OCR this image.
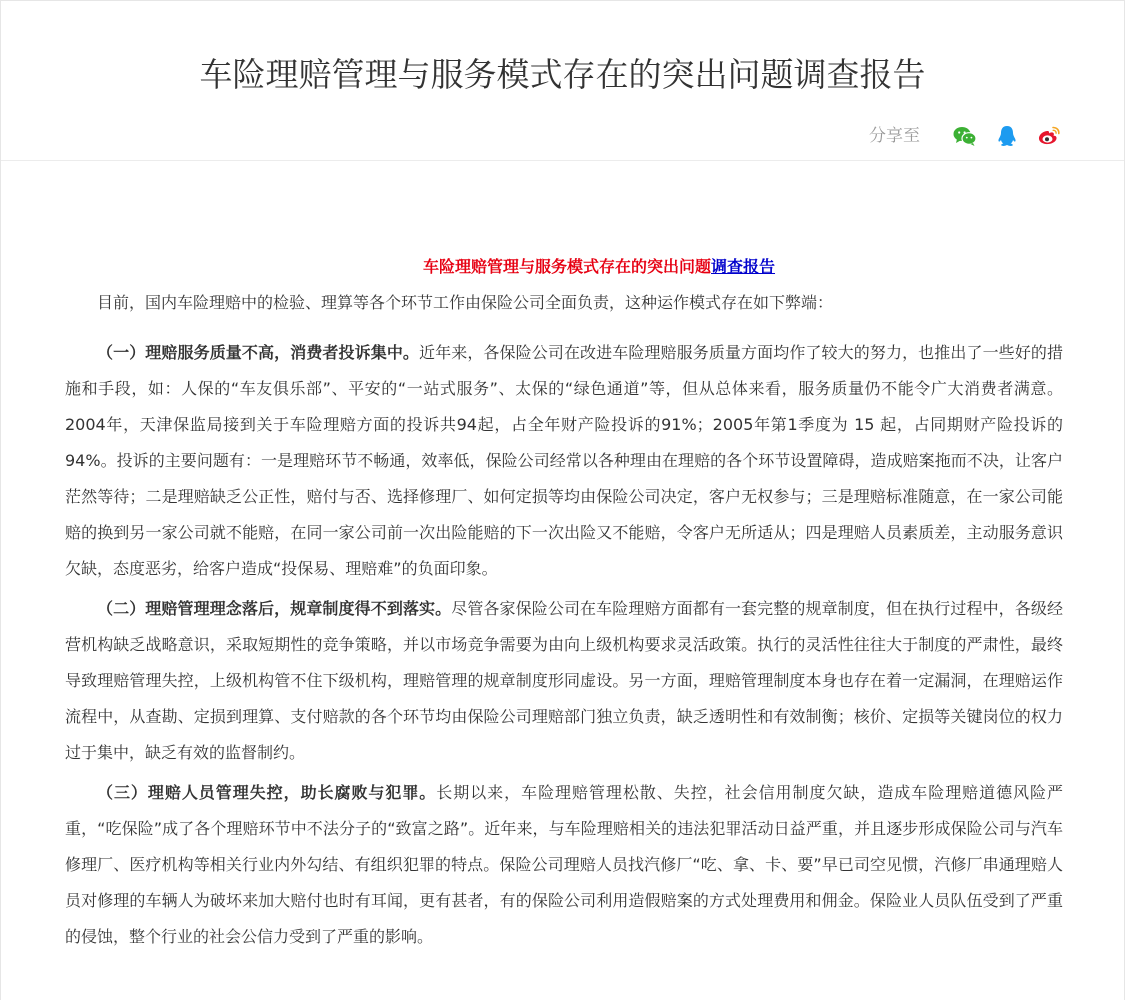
车险理赔管理与服务模式存在的突出问题调查报告
分享至

车险理赔管理与服务模式存在的突出问题调查报告

目前，国内车险理赔中的检验、理算等各个环节工作由保险公司全面负责，这种运作模式存在如下弊端：

（一）理赔服务质量不高，消费者投诉集中。近年来，各保险公司在改进车险理赔服务质量方面均作了较大的努力，也推出了一些好的措施和手段，如：人保的“车友俱乐部”、平安的“一站式服务”、太保的“绿色通道”等，但从总体来看，服务质量仍不能令广大消费者满意。2004年，天津保监局接到关于车险理赔方面的投诉共94起，占全年财产险投诉的91%；2005年第1季度为 15 起，占同期财产险投诉的94%。投诉的主要问题有：一是理赔环节不畅通，效率低，保险公司经常以各种理由在理赔的各个环节设置障碍，造成赔案拖而不决，让客户茫然等待；二是理赔缺乏公正性，赔付与否、选择修理厂、如何定损等均由保险公司决定，客户无权参与；三是理赔标准随意，在一家公司能赔的换到另一家公司就不能赔，在同一家公司前一次出险能赔的下一次出险又不能赔，令客户无所适从；四是理赔人员素质差，主动服务意识欠缺，态度恶劣，给客户造成“投保易、理赔难”的负面印象。

（二）理赔管理理念落后，规章制度得不到落实。尽管各家保险公司在车险理赔方面都有一套完整的规章制度，但在执行过程中，各级经营机构缺乏战略意识，采取短期性的竞争策略，并以市场竞争需要为由向上级机构要求灵活政策。执行的灵活性往往大于制度的严肃性，最终导致理赔管理失控，上级机构管不住下级机构，理赔管理的规章制度形同虚设。另一方面，理赔管理制度本身也存在着一定漏洞，在理赔运作流程中，从查勘、定损到理算、支付赔款的各个环节均由保险公司理赔部门独立负责，缺乏透明性和有效制衡；核价、定损等关键岗位的权力过于集中，缺乏有效的监督制约。

（三）理赔人员管理失控，助长腐败与犯罪。长期以来，车险理赔管理松散、失控，社会信用制度欠缺，造成车险理赔道德风险严重，“吃保险”成了各个理赔环节中不法分子的“致富之路”。近年来，与车险理赔相关的违法犯罪活动日益严重，并且逐步形成保险公司与汽车修理厂、医疗机构等相关行业内外勾结、有组织犯罪的特点。保险公司理赔人员找汽修厂“吃、拿、卡、要”早已司空见惯，汽修厂串通理赔人员对修理的车辆人为破坏来加大赔付也时有耳闻，更有甚者，有的保险公司利用造假赔案的方式处理费用和佣金。保险业人员队伍受到了严重的侵蚀，整个行业的社会公信力受到了严重的影响。
